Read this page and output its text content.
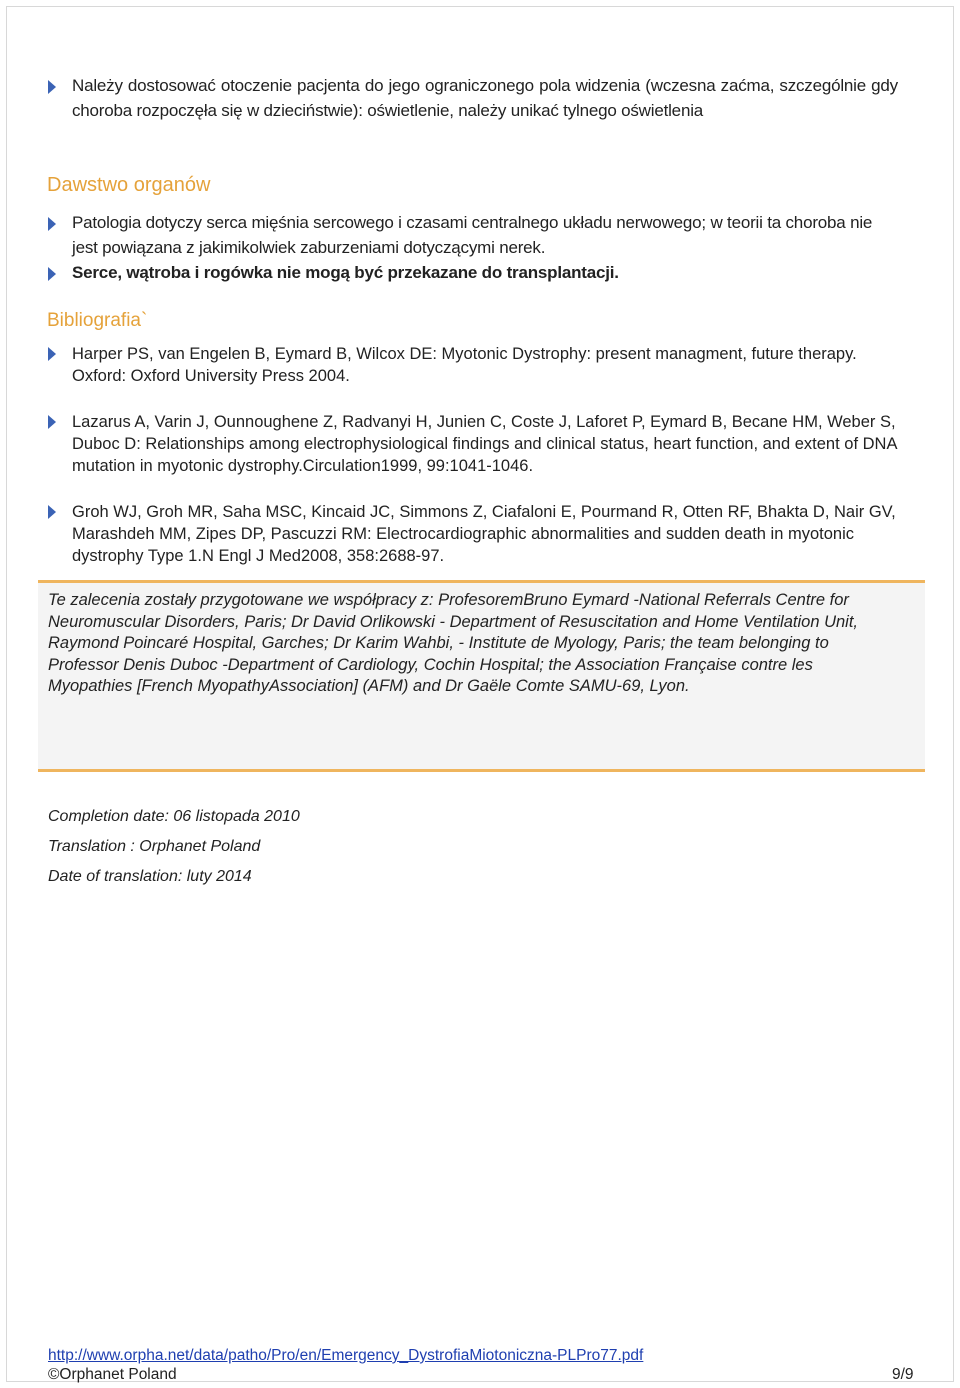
Należy dostosować otoczenie pacjenta do jego ograniczonego pola widzenia (wczesna zaćma, szczególnie gdy choroba rozpoczęła się w dzieciństwie): oświetlenie, należy unikać tylnego oświetlenia
Dawstwo organów
Patologia dotyczy serca mięśnia sercowego i czasami centralnego układu nerwowego; w teorii ta choroba nie jest powiązana z jakimikolwiek zaburzeniami dotyczącymi nerek.
Serce, wątroba i rogówka nie mogą być przekazane do transplantacji.
Bibliografia`
Harper PS, van Engelen B, Eymard B, Wilcox DE: Myotonic Dystrophy: present managment, future therapy. Oxford: Oxford University Press 2004.
Lazarus A, Varin J, Ounnoughene Z, Radvanyi H, Junien C, Coste J, Laforet P, Eymard B, Becane HM, Weber S, Duboc D: Relationships among electrophysiological findings and clinical status, heart function, and extent of DNA mutation in myotonic dystrophy.Circulation1999, 99:1041-1046.
Groh WJ, Groh MR, Saha MSC, Kincaid JC, Simmons Z, Ciafaloni E, Pourmand R, Otten RF, Bhakta D, Nair GV, Marashdeh MM, Zipes DP, Pascuzzi RM: Electrocardiographic abnormalities and sudden death in myotonic dystrophy Type 1.N Engl J Med2008, 358:2688-97.
Te zalecenia zostały przygotowane we współpracy z: ProfesoremBruno Eymard -National Referrals Centre for Neuromuscular Disorders, Paris; Dr David Orlikowski - Department of Resuscitation and Home Ventilation Unit, Raymond Poincaré Hospital, Garches; Dr Karim Wahbi, - Institute de Myology, Paris; the team belonging to Professor Denis Duboc -Department of Cardiology, Cochin Hospital; the Association Française contre les Myopathies [French MyopathyAssociation] (AFM) and Dr Gaële Comte SAMU-69, Lyon.
Completion date: 06 listopada 2010
Translation : Orphanet Poland
Date of translation: luty 2014
http://www.orpha.net/data/patho/Pro/en/Emergency_DystrofiaMiotoniczna-PLPro77.pdf
©Orphanet Poland	9/9
